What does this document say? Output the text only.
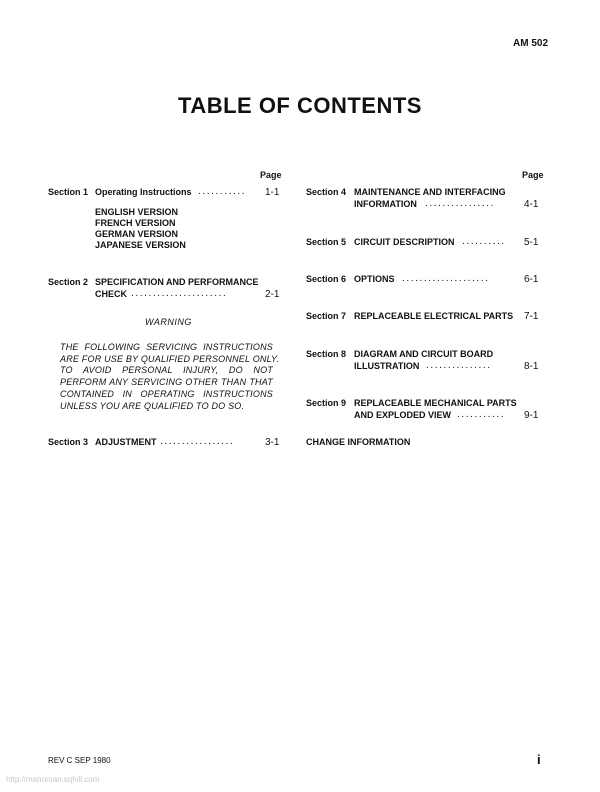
AM 502
TABLE OF CONTENTS
Page	Page
Section 1 Operating Instructions ........... 1-1
ENGLISH VERSION
FRENCH VERSION
GERMAN VERSION
JAPANESE VERSION
Section 2 SPECIFICATION AND PERFORMANCE
CHECK ......................	2-1
WARNING
THE FOLLOWING SERVICING INSTRUCTIONS
ARE FOR USE BY QUALIFIED PERSONNEL ONLY.
TO AVOID PERSONAL INJURY, DO NOT
PERFORM ANY SERVICING OTHER THAN THAT
CONTAINED IN OPERATING INSTRUCTIONS
UNLESS YOU ARE QUALIFIED TO DO SO.
Section 3 ADJUSTMENT .................	3-1
Section 4 MAINTENANCE AND INTERFACING
INFORMATION ................	4-1
Section 5 CIRCUIT DESCRIPTION .......... 5-1
Section 6 OPTIONS ....................	6-1
Section 7 REPLACEABLE ELECTRICAL PARTS 7-1
Section 8 DIAGRAM AND CIRCUIT BOARD
ILLUSTRATION ...............	8-1
Section 9 REPLACEABLE MECHANICAL PARTS
AND EXPLODED VIEW ........... 9-1
CHANGE INFORMATION
REV C SEP 1980	i
http://manoman.sqhill.com
